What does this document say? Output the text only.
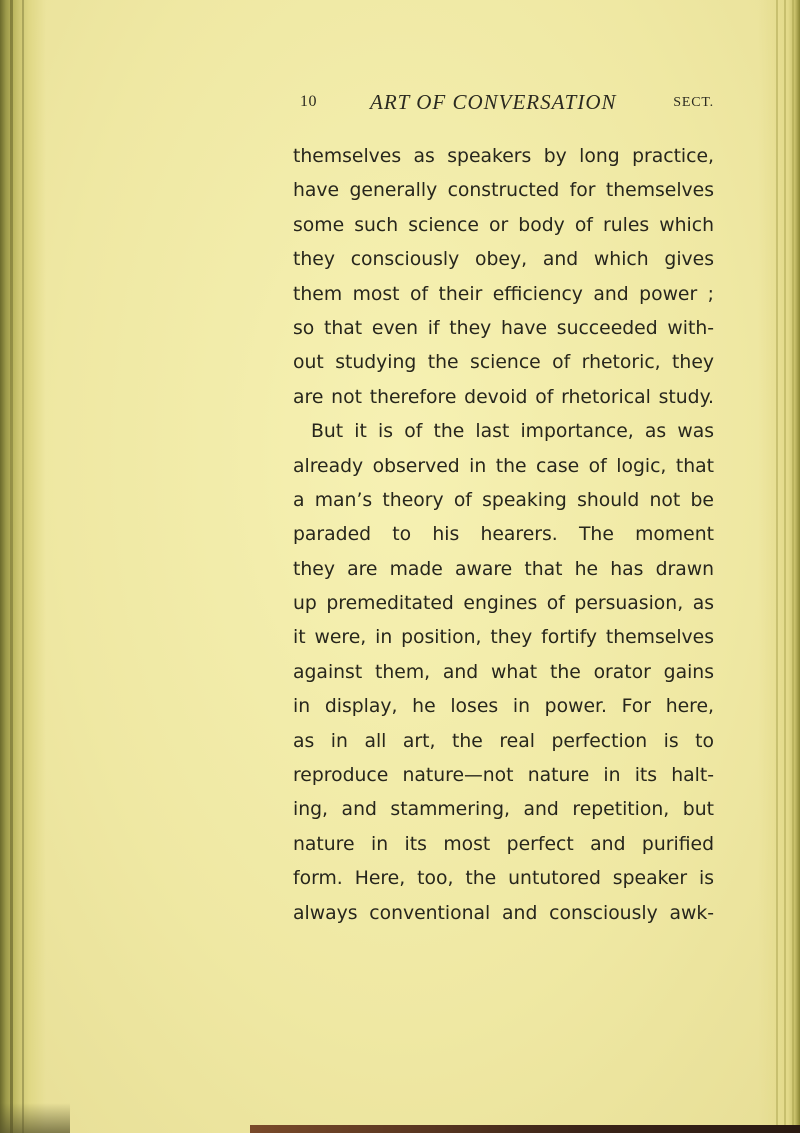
10	ART OF CONVERSATION	SECT.
themselves as speakers by long practice,
have generally constructed for themselves
some such science or body of rules which
they consciously obey, and which gives
them most of their efficiency and power ;
so that even if they have succeeded with-
out studying the science of rhetoric, they
are not therefore devoid of rhetorical study.
But it is of the last importance, as was
already observed in the case of logic, that
a man’s theory of speaking should not be
paraded to his hearers. The moment
they are made aware that he has drawn
up premeditated engines of persuasion, as
it were, in position, they fortify themselves
against them, and what the orator gains
in display, he loses in power. For here,
as in all art, the real perfection is to
reproduce nature—not nature in its halt-
ing, and stammering, and repetition, but
nature in its most perfect and purified
form. Here, too, the untutored speaker is
always conventional and consciously awk-
